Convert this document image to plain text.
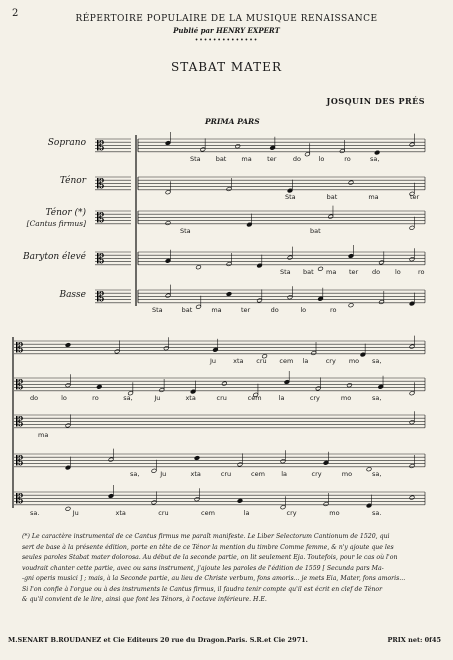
2	RÉPERTOIRE POPULAIRE DE LA MUSIQUE RENAISSANCE
Publié par HENRY EXPERT
••••••••••••••
STABAT MATER
JOSQUIN DES PRÉS
PRIMA PARS
Soprano
Ténor
Ténor (*)
[Cantus firmus]
Baryton élevé
Basse
𝄡
𝄡
𝄡
𝄡
𝄡
𝄡
𝄡
𝄡
𝄡
𝄡
Sta bat ma ter	do	lo	ro	sa,
Sta	bat	ma	ter
Sta	bat
Sta bat ma ter do lo	ro
Sta	bat	ma	ter	do	lo	ro
Ju	xta cru cem la	cry mo sa,
do	lo	ro	sa,	Ju	xta	cru	cem	la	cry	mo	sa,
ma
sa,	Ju	xta	cru	cem	la	cry	mo	sa,
sa.	Ju	xta	cru	cem	la	cry	mo	sa.
(*) Le caractère instrumental de ce Cantus firmus me paraît manifeste. Le Liber Selectorum Cantionum de 1520, qui
sert de base à la présente édition, porte en tête de ce Ténor la mention du timbre Comme femme, & n'y ajoute que les
seules paroles Stabat mater dolorosa. Au début de la seconde partie, on lit seulement Eja. Toutefois, pour le cas où l'on
voudrait chanter cette partie, avec ou sans instrument, j'ajoute les paroles de l'édition de 1559 [ Secunda pars Ma-
-gni operis musici ] ; mais, à la Seconde partie, au lieu de Christe verbum, fons amoris... je mets Eia, Mater, fons amoris...
Si l'on confie à l'orgue ou à des instruments le Cantus firmus, il faudra tenir compte qu'il est écrit en clef de Ténor
& qu'il convient de le lire, ainsi que font les Ténors, à l'octave inférieure. H.E.
M.SENART B.ROUDANEZ et Cie Editeurs 20 rue du Dragon.Paris. S.R.et Cie 2971.	PRIX net: 0f45
